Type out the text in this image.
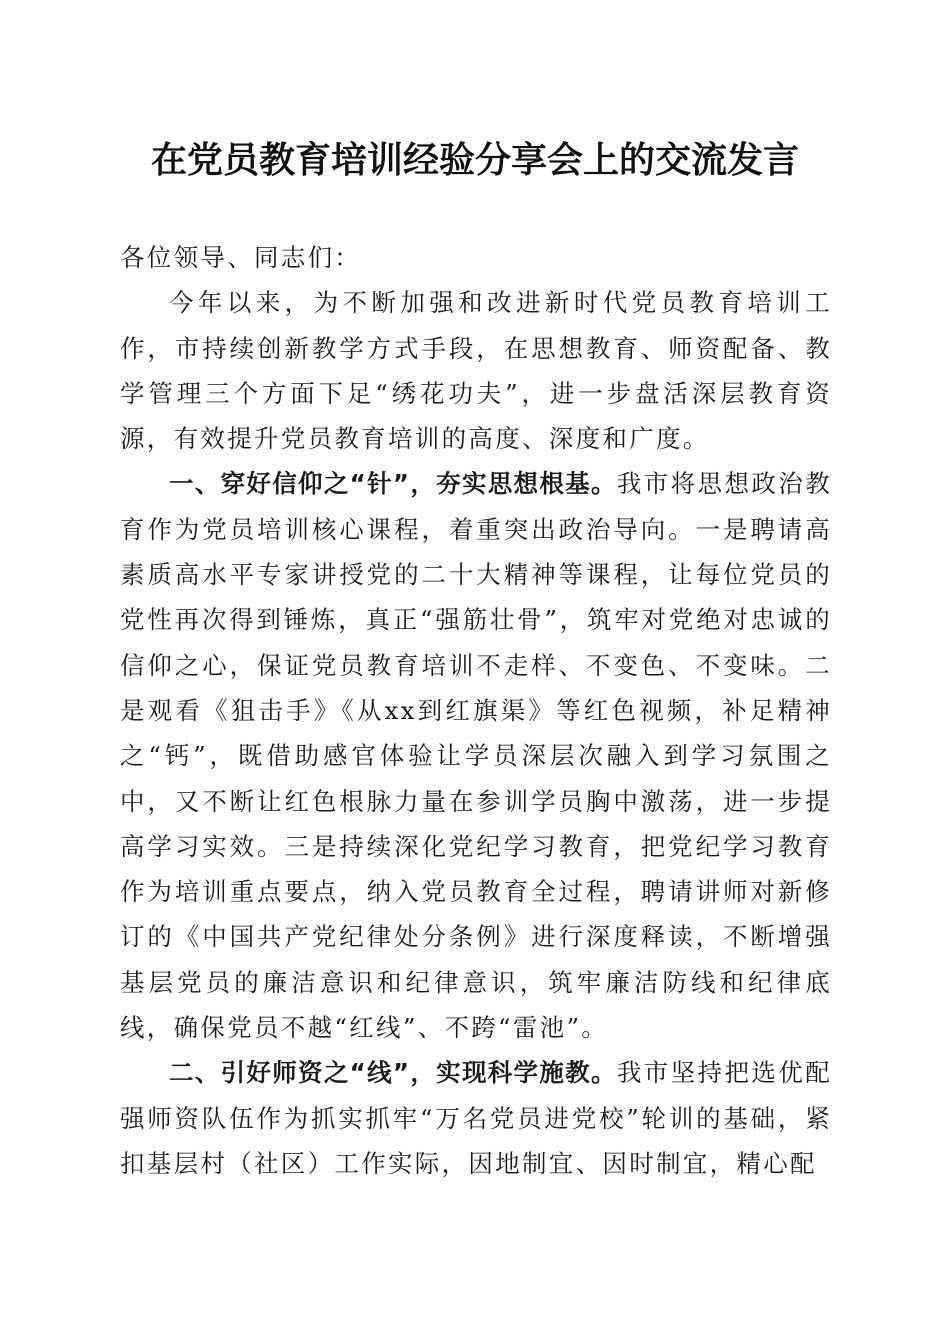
在党员教育培训经验分享会上的交流发言

各位领导、同志们：

今年以来，为不断加强和改进新时代党员教育培训工作，市持续创新教学方式手段，在思想教育、师资配备、教学管理三个方面下足“绣花功夫”，进一步盘活深层教育资源，有效提升党员教育培训的高度、深度和广度。

一、穿好信仰之“针”，夯实思想根基。我市将思想政治教育作为党员培训核心课程，着重突出政治导向。一是聘请高素质高水平专家讲授党的二十大精神等课程，让每位党员的党性再次得到锤炼，真正“强筋壮骨”，筑牢对党绝对忠诚的信仰之心，保证党员教育培训不走样、不变色、不变味。二是观看《狙击手》《从xx到红旗渠》等红色视频，补足精神之“钙”，既借助感官体验让学员深层次融入到学习氛围之中，又不断让红色根脉力量在参训学员胸中激荡，进一步提高学习实效。三是持续深化党纪学习教育，把党纪学习教育作为培训重点要点，纳入党员教育全过程，聘请讲师对新修订的《中国共产党纪律处分条例》进行深度释读，不断增强基层党员的廉洁意识和纪律意识，筑牢廉洁防线和纪律底线，确保党员不越“红线”、不跨“雷池”。

二、引好师资之“线”，实现科学施教。我市坚持把选优配强师资队伍作为抓实抓牢“万名党员进党校”轮训的基础，紧扣基层村（社区）工作实际，因地制宜、因时制宜，精心配
